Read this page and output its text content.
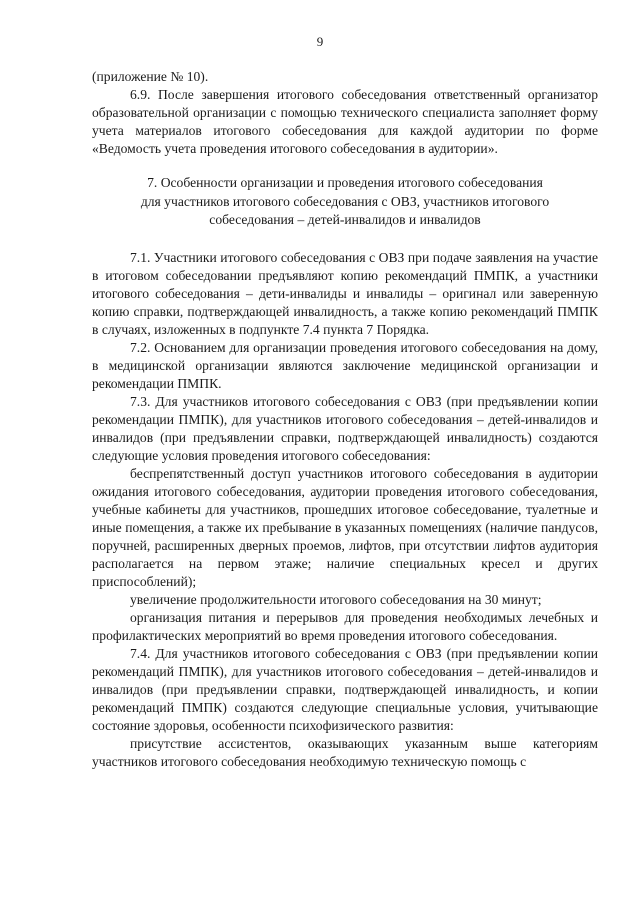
9

(приложение № 10).

6.9. После завершения итогового собеседования ответственный организатор образовательной организации с помощью технического специалиста заполняет форму учета материалов итогового собеседования для каждой аудитории по форме «Ведомость учета проведения итогового собеседования в аудитории».

7. Особенности организации и проведения итогового собеседования
для участников итогового собеседования с ОВЗ, участников итогового
собеседования – детей-инвалидов и инвалидов

7.1. Участники итогового собеседования с ОВЗ при подаче заявления на участие в итоговом собеседовании предъявляют копию рекомендаций ПМПК, а участники итогового собеседования – дети-инвалиды и инвалиды – оригинал или заверенную копию справки, подтверждающей инвалидность, а также копию рекомендаций ПМПК в случаях, изложенных в подпункте 7.4 пункта 7 Порядка.

7.2. Основанием для организации проведения итогового собеседования на дому, в медицинской организации являются заключение медицинской организации и рекомендации ПМПК.

7.3. Для участников итогового собеседования с ОВЗ (при предъявлении копии рекомендации ПМПК), для участников итогового собеседования – детей-инвалидов и инвалидов (при предъявлении справки, подтверждающей инвалидность) создаются следующие условия проведения итогового собеседования:

беспрепятственный доступ участников итогового собеседования в аудитории ожидания итогового собеседования, аудитории проведения итогового собеседования, учебные кабинеты для участников, прошедших итоговое собеседование, туалетные и иные помещения, а также их пребывание в указанных помещениях (наличие пандусов, поручней, расширенных дверных проемов, лифтов, при отсутствии лифтов аудитория располагается на первом этаже; наличие специальных кресел и других приспособлений);

увеличение продолжительности итогового собеседования на 30 минут;

организация питания и перерывов для проведения необходимых лечебных и профилактических мероприятий во время проведения итогового собеседования.

7.4. Для участников итогового собеседования с ОВЗ (при предъявлении копии рекомендаций ПМПК), для участников итогового собеседования – детей-инвалидов и инвалидов (при предъявлении справки, подтверждающей инвалидность, и копии рекомендаций ПМПК) создаются следующие специальные условия, учитывающие состояние здоровья, особенности психофизического развития:

присутствие ассистентов, оказывающих указанным выше категориям участников итогового собеседования необходимую техническую помощь с
